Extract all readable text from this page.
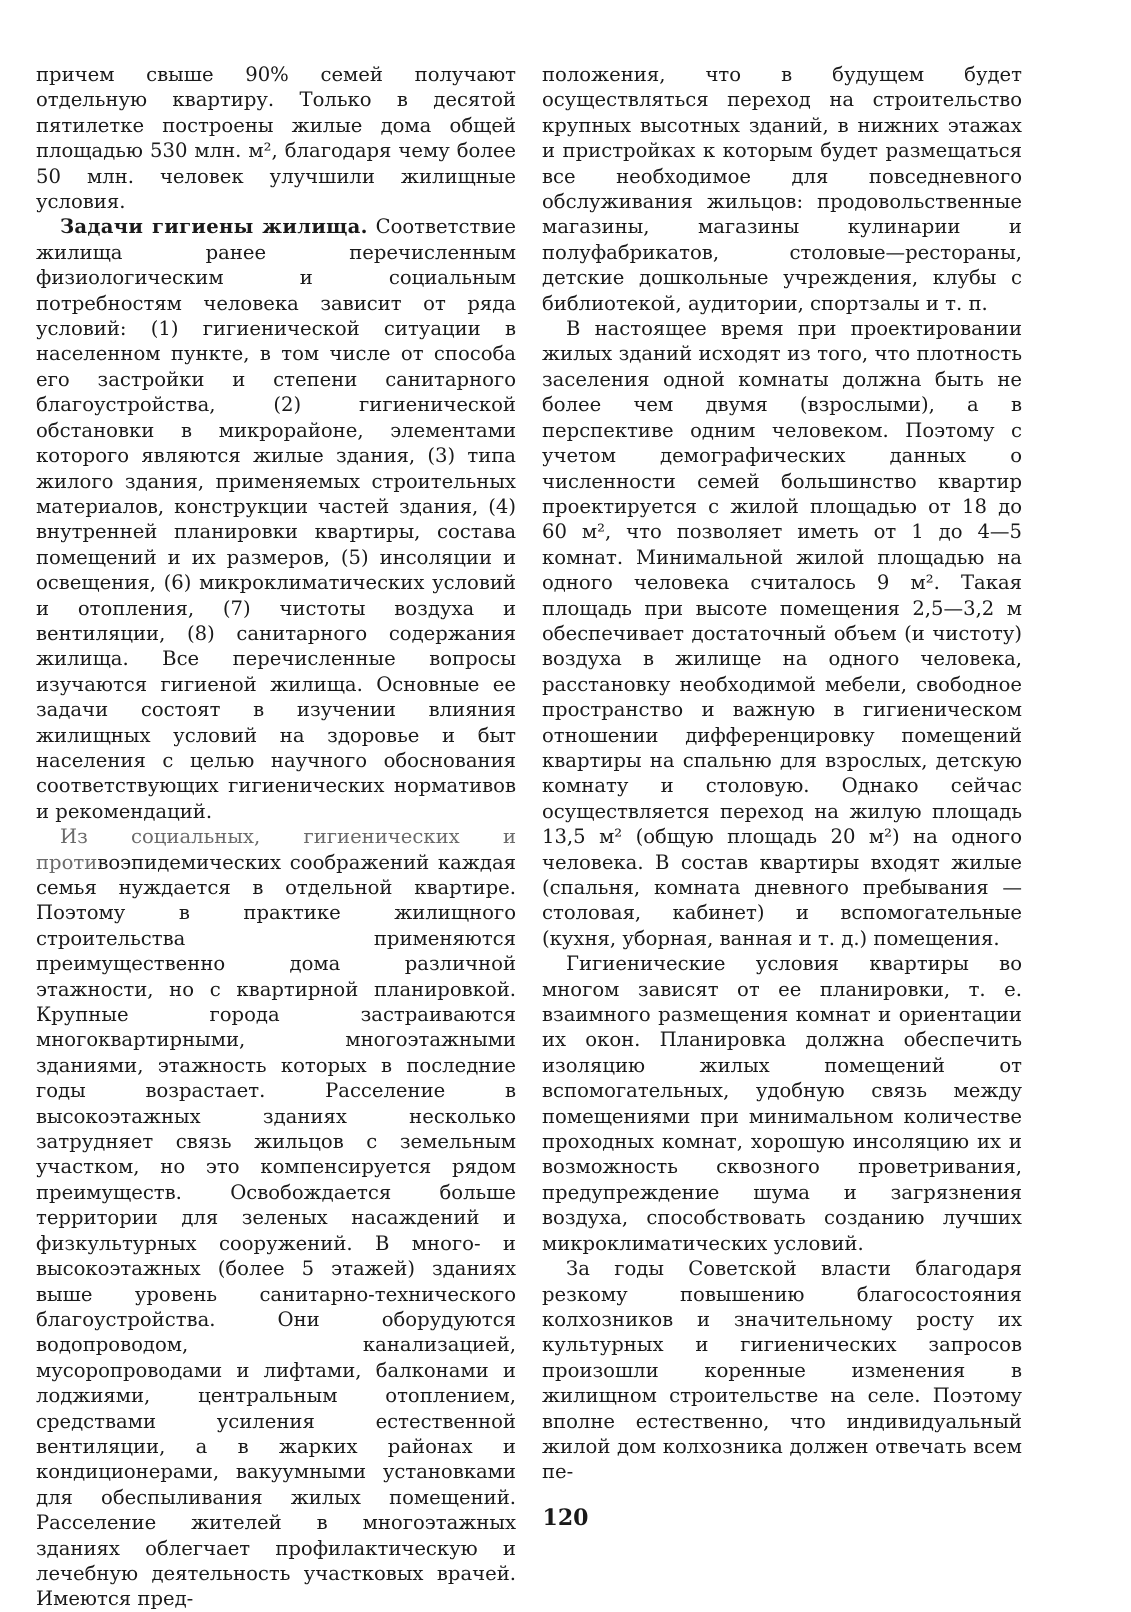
причем свыше 90% семей получают отдельную квартиру. Только в десятой пятилетке построены жилые дома общей площадью 530 млн. м², благодаря чему более 50 млн. человек улучшили жилищные условия.

Задачи гигиены жилища. Соответствие жилища ранее перечисленным физиологическим и социальным потребностям человека зависит от ряда условий: (1) гигиенической ситуации в населенном пункте, в том числе от способа его застройки и степени санитарного благоустройства, (2) гигиенической обстановки в микрорайоне, элементами которого являются жилые здания, (3) типа жилого здания, применяемых строительных материалов, конструкции частей здания, (4) внутренней планировки квартиры, состава помещений и их размеров, (5) инсоляции и освещения, (6) микроклиматических условий и отопления, (7) чистоты воздуха и вентиляции, (8) санитарного содержания жилища. Все перечисленные вопросы изучаются гигиеной жилища. Основные ее задачи состоят в изучении влияния жилищных условий на здоровье и быт населения с целью научного обоснования соответствующих гигиенических нормативов и рекомендаций.

Из социальных, гигиенических и противоэпидемических соображений каждая семья нуждается в отдельной квартире. Поэтому в практике жилищного строительства применяются преимущественно дома различной этажности, но с квартирной планировкой. Крупные города застраиваются многоквартирными, многоэтажными зданиями, этажность которых в последние годы возрастает. Расселение в высокоэтажных зданиях несколько затрудняет связь жильцов с земельным участком, но это компенсируется рядом преимуществ. Освобождается больше территории для зеленых насаждений и физкультурных сооружений. В много- и высокоэтажных (более 5 этажей) зданиях выше уровень санитарно-технического благоустройства. Они оборудуются водопроводом, канализацией, мусоропроводами и лифтами, балконами и лоджиями, центральным отоплением, средствами усиления естественной вентиляции, а в жарких районах и кондиционерами, вакуумными установками для обеспыливания жилых помещений. Расселение жителей в многоэтажных зданиях облегчает профилактическую и лечебную деятельность участковых врачей. Имеются пред-

положения, что в будущем будет осуществляться переход на строительство крупных высотных зданий, в нижних этажах и пристройках к которым будет размещаться все необходимое для повседневного обслуживания жильцов: продовольственные магазины, магазины кулинарии и полуфабрикатов, столовые—рестораны, детские дошкольные учреждения, клубы с библиотекой, аудитории, спортзалы и т. п.

В настоящее время при проектировании жилых зданий исходят из того, что плотность заселения одной комнаты должна быть не более чем двумя (взрослыми), а в перспективе одним человеком. Поэтому с учетом демографических данных о численности семей большинство квартир проектируется с жилой площадью от 18 до 60 м², что позволяет иметь от 1 до 4—5 комнат. Минимальной жилой площадью на одного человека считалось 9 м². Такая площадь при высоте помещения 2,5—3,2 м обеспечивает достаточный объем (и чистоту) воздуха в жилище на одного человека, расстановку необходимой мебели, свободное пространство и важную в гигиеническом отношении дифференцировку помещений квартиры на спальню для взрослых, детскую комнату и столовую. Однако сейчас осуществляется переход на жилую площадь 13,5 м² (общую площадь 20 м²) на одного человека. В состав квартиры входят жилые (спальня, комната дневного пребывания — столовая, кабинет) и вспомогательные (кухня, уборная, ванная и т. д.) помещения.

Гигиенические условия квартиры во многом зависят от ее планировки, т. е. взаимного размещения комнат и ориентации их окон. Планировка должна обеспечить изоляцию жилых помещений от вспомогательных, удобную связь между помещениями при минимальном количестве проходных комнат, хорошую инсоляцию их и возможность сквозного проветривания, предупреждение шума и загрязнения воздуха, способствовать созданию лучших микроклиматических условий.

За годы Советской власти благодаря резкому повышению благосостояния колхозников и значительному росту их культурных и гигиенических запросов произошли коренные изменения в жилищном строительстве на селе. Поэтому вполне естественно, что индивидуальный жилой дом колхозника должен отвечать всем пе-

120
